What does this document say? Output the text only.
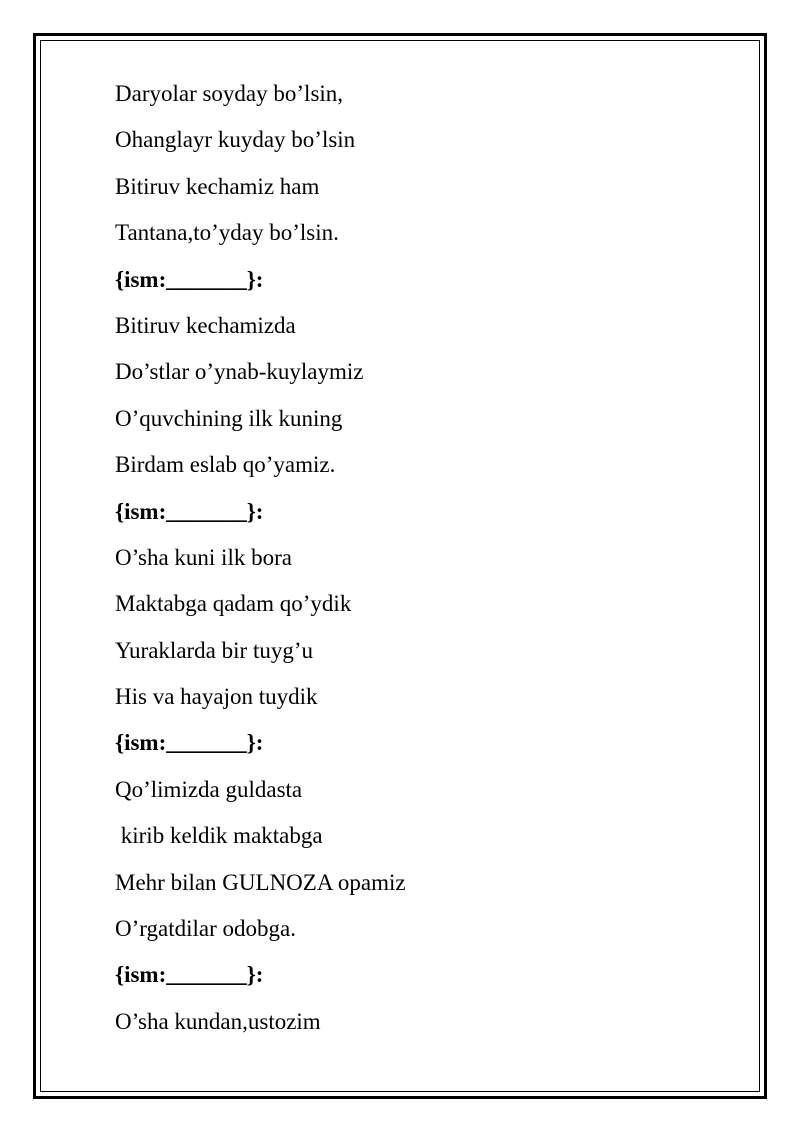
Daryolar soyday bo’lsin,
Ohanglayr kuyday bo’lsin
Bitiruv kechamiz ham
Tantana,to’yday bo’lsin.
{ism:_______}:
Bitiruv kechamizda
Do’stlar o’ynab-kuylaymiz
O’quvchining ilk kuning
Birdam eslab qo’yamiz.
{ism:_______}:
O’sha kuni ilk bora
Maktabga qadam qo’ydik
Yuraklarda bir tuyg’u
His va hayajon tuydik
{ism:_______}:
Qo’limizda guldasta
kirib keldik maktabga
Mehr bilan GULNOZA opamiz
O’rgatdilar odobga.
{ism:_______}:
O’sha kundan,ustozim
